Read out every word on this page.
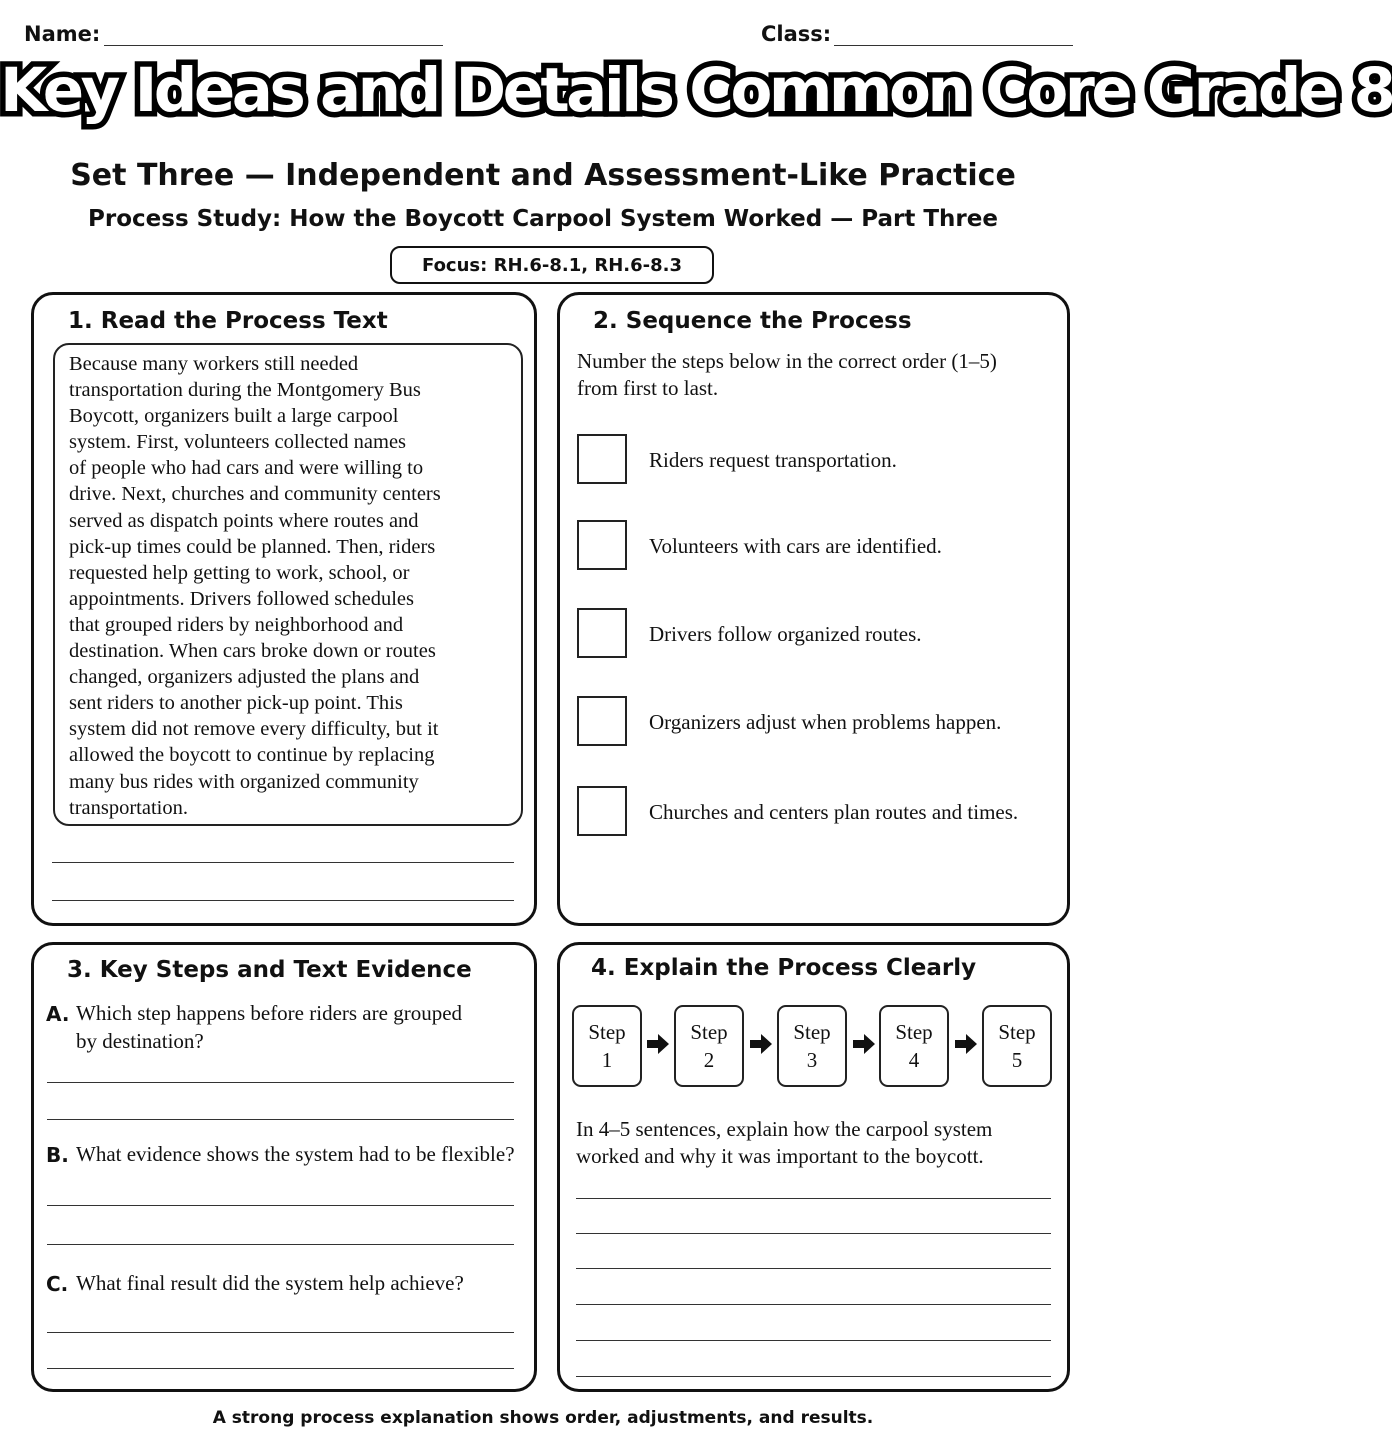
Name:	Class:
Key Ideas and Details Common Core Grade 8
Set Three — Independent and Assessment-Like Practice
Process Study: How the Boycott Carpool System Worked — Part Three
Focus: RH.6-8.1, RH.6-8.3
1. Read the Process Text

Because many workers still needed
transportation during the Montgomery Bus
Boycott, organizers built a large carpool
system. First, volunteers collected names
of people who had cars and were willing to
drive. Next, churches and community centers
served as dispatch points where routes and
pick-up times could be planned. Then, riders
requested help getting to work, school, or
appointments. Drivers followed schedules
that grouped riders by neighborhood and
destination. When cars broke down or routes
changed, organizers adjusted the plans and
sent riders to another pick-up point. This
system did not remove every difficulty, but it
allowed the boycott to continue by replacing
many bus rides with organized community
transportation.

2. Sequence the Process
Number the steps below in the correct order (1–5)
from first to last.
Riders request transportation.
Volunteers with cars are identified.
Drivers follow organized routes.
Organizers adjust when problems happen.
Churches and centers plan routes and times.
3. Key Steps and Text Evidence
A. Which step happens before riders are grouped
by destination?
B. What evidence shows the system had to be flexible?
C. What final result did the system help achieve?
4. Explain the Process Clearly
Step
1
Step
2
Step
3
Step
4
Step
5
In 4–5 sentences, explain how the carpool system
worked and why it was important to the boycott.
A strong process explanation shows order, adjustments, and results.
